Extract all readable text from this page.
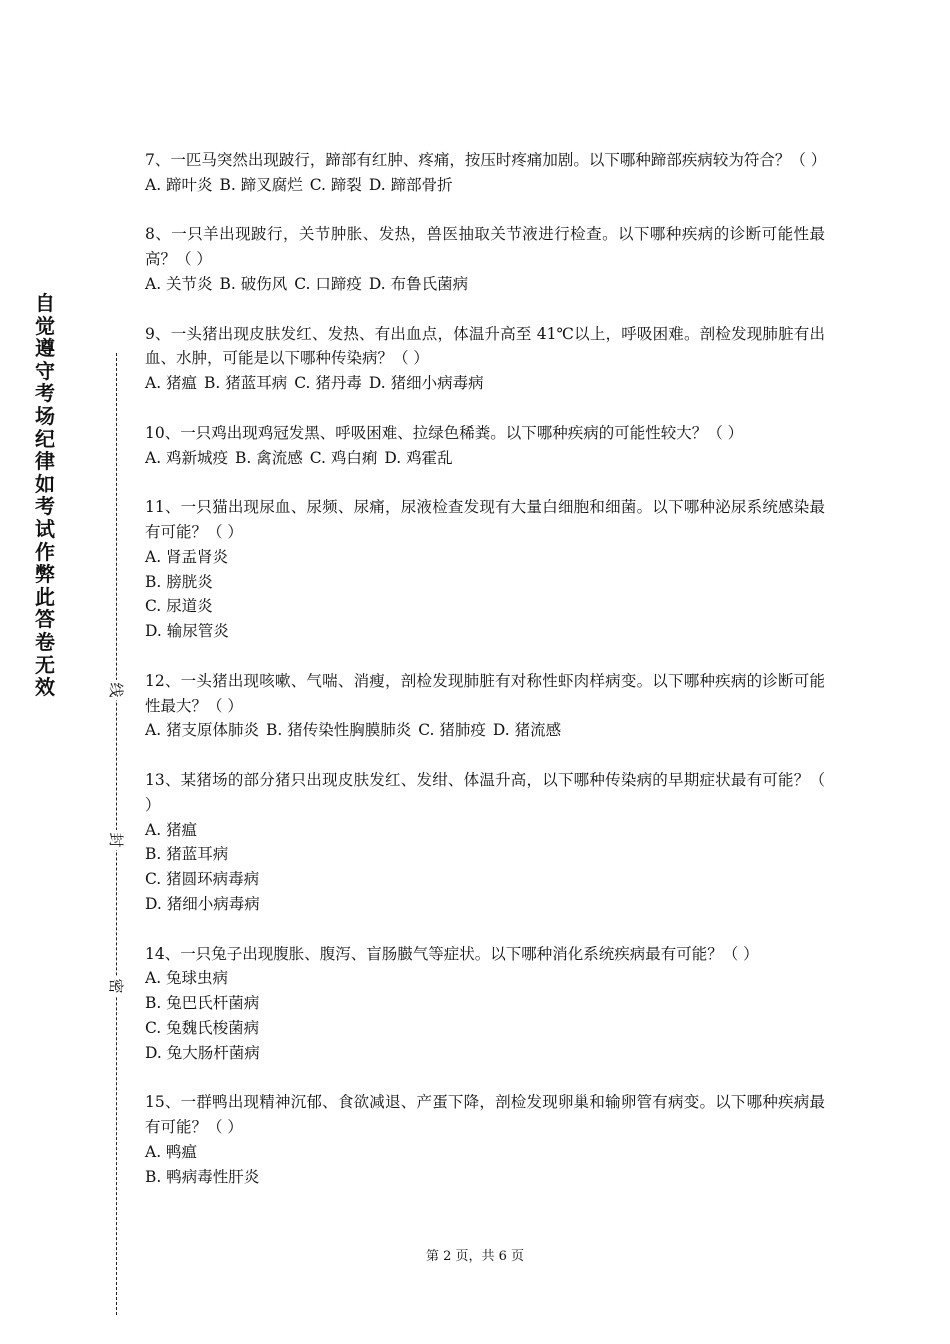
自觉遵守考场纪律如考试作弊此答卷无效	线
封
密

7、一匹马突然出现跛行，蹄部有红肿、疼痛，按压时疼痛加剧。以下哪种蹄部疾病较为符合？（ ）

A. 蹄叶炎 B. 蹄叉腐烂 C. 蹄裂 D. 蹄部骨折

8、一只羊出现跛行，关节肿胀、发热，兽医抽取关节液进行检查。以下哪种疾病的诊断可能性最高？（ ）

A. 关节炎 B. 破伤风 C. 口蹄疫 D. 布鲁氏菌病

9、一头猪出现皮肤发红、发热、有出血点，体温升高至 41℃以上，呼吸困难。剖检发现肺脏有出血、水肿，可能是以下哪种传染病？（ ）

A. 猪瘟 B. 猪蓝耳病 C. 猪丹毒 D. 猪细小病毒病

10、一只鸡出现鸡冠发黑、呼吸困难、拉绿色稀粪。以下哪种疾病的可能性较大？（ ）

A. 鸡新城疫 B. 禽流感 C. 鸡白痢 D. 鸡霍乱

11、一只猫出现尿血、尿频、尿痛，尿液检查发现有大量白细胞和细菌。以下哪种泌尿系统感染最有可能？（ ）

A. 肾盂肾炎

B. 膀胱炎

C. 尿道炎

D. 输尿管炎

12、一头猪出现咳嗽、气喘、消瘦，剖检发现肺脏有对称性虾肉样病变。以下哪种疾病的诊断可能性最大？（ ）

A. 猪支原体肺炎 B. 猪传染性胸膜肺炎 C. 猪肺疫 D. 猪流感

13、某猪场的部分猪只出现皮肤发红、发绀、体温升高，以下哪种传染病的早期症状最有可能？（ ）

A. 猪瘟

B. 猪蓝耳病

C. 猪圆环病毒病

D. 猪细小病毒病

14、一只兔子出现腹胀、腹泻、盲肠臌气等症状。以下哪种消化系统疾病最有可能？（ ）

A. 兔球虫病

B. 兔巴氏杆菌病

C. 兔魏氏梭菌病

D. 兔大肠杆菌病

15、一群鸭出现精神沉郁、食欲减退、产蛋下降，剖检发现卵巢和输卵管有病变。以下哪种疾病最有可能？（ ）

A. 鸭瘟

B. 鸭病毒性肝炎

第 2 页，共 6 页
